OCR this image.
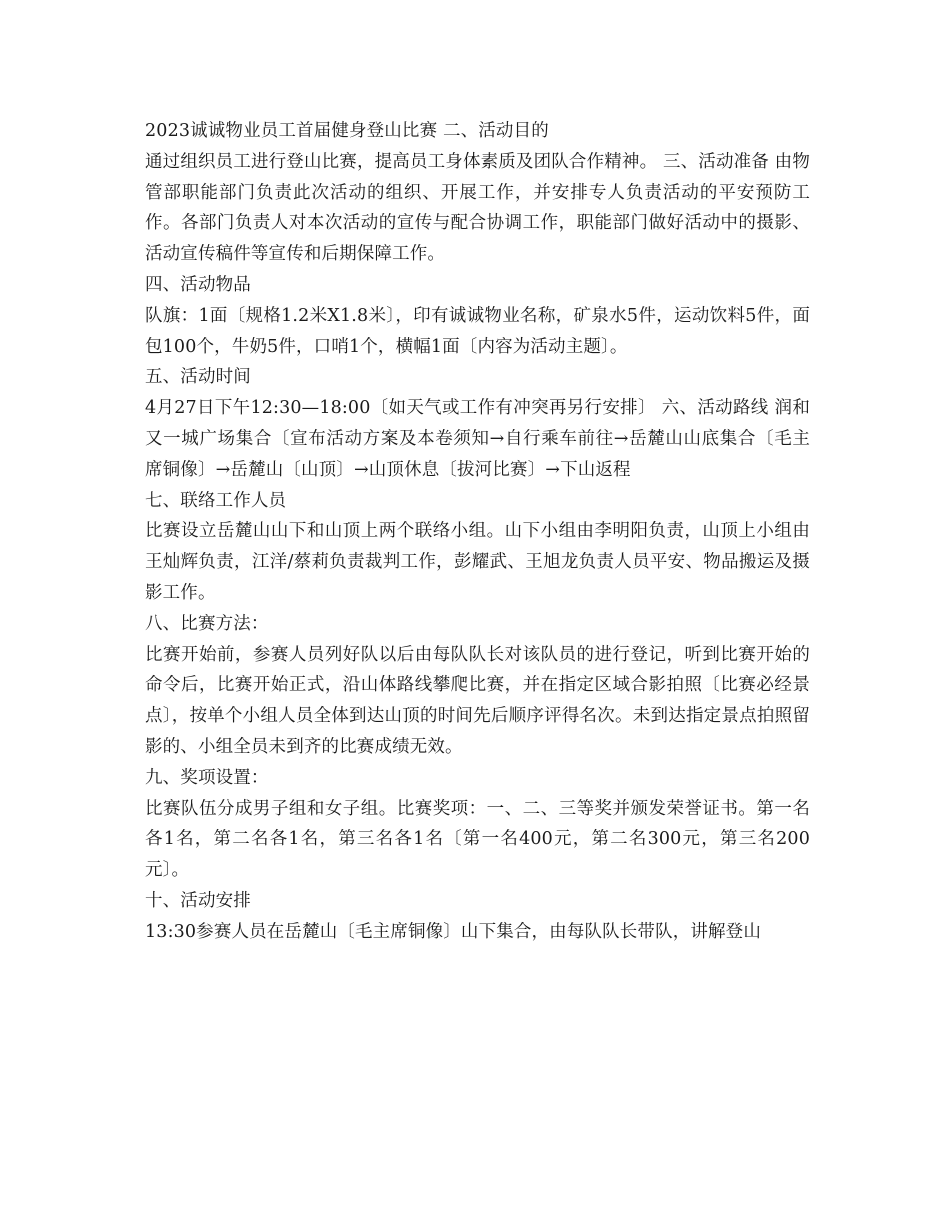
2023诚诚物业员工首届健身登山比赛 二、活动目的

通过组织员工进行登山比赛，提高员工身体素质及团队合作精神。 三、活动准备 由物管部职能部门负责此次活动的组织、开展工作，并安排专人负责活动的平安预防工作。各部门负责人对本次活动的宣传与配合协调工作，职能部门做好活动中的摄影、活动宣传稿件等宣传和后期保障工作。

四、活动物品

队旗：1面〔规格1.2米X1.8米〕，印有诚诚物业名称，矿泉水5件，运动饮料5件，面包100个，牛奶5件，口哨1个，横幅1面〔内容为活动主题〕。

五、活动时间

4月27日下午12:30—18:00〔如天气或工作有冲突再另行安排〕 六、活动路线 润和又一城广场集合〔宣布活动方案及本卷须知→自行乘车前往→岳麓山山底集合〔毛主席铜像〕→岳麓山〔山顶〕→山顶休息〔拔河比赛〕→下山返程

七、联络工作人员

比赛设立岳麓山山下和山顶上两个联络小组。山下小组由李明阳负责，山顶上小组由王灿辉负责，江洋/蔡莉负责裁判工作，彭耀武、王旭龙负责人员平安、物品搬运及摄影工作。

八、比赛方法：

比赛开始前，参赛人员列好队以后由每队队长对该队员的进行登记，听到比赛开始的命令后，比赛开始正式，沿山体路线攀爬比赛，并在指定区域合影拍照〔比赛必经景点〕，按单个小组人员全体到达山顶的时间先后顺序评得名次。未到达指定景点拍照留影的、小组全员未到齐的比赛成绩无效。

九、奖项设置：

比赛队伍分成男子组和女子组。比赛奖项：一、二、三等奖并颁发荣誉证书。第一名各1名，第二名各1名，第三名各1名〔第一名400元，第二名300元，第三名200元〕。

十、活动安排

13:30参赛人员在岳麓山〔毛主席铜像〕山下集合，由每队队长带队，讲解登山
